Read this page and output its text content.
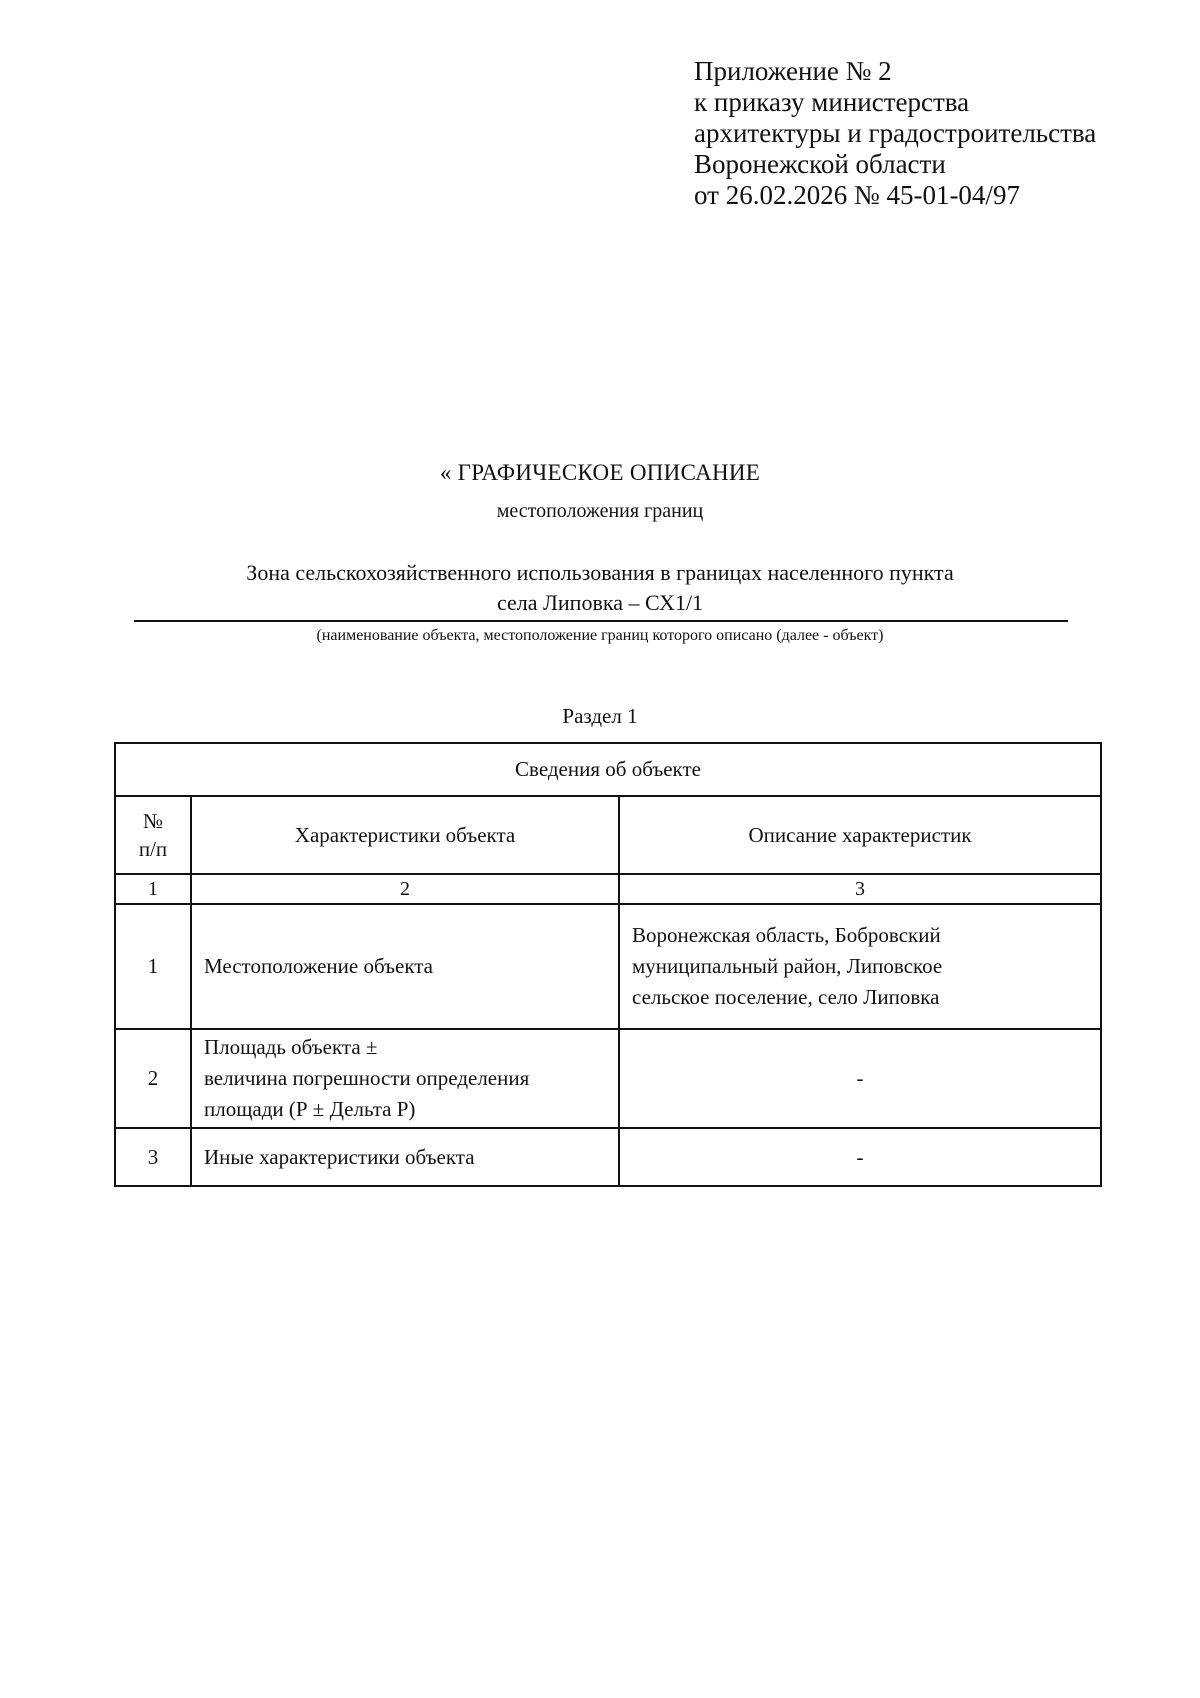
Приложение № 2
к приказу министерства
архитектуры и градостроительства
Воронежской области
от 26.02.2026 № 45-01-04/97
« ГРАФИЧЕСКОЕ ОПИСАНИЕ
местоположения границ
Зона сельскохозяйственного использования в границах населенного пункта
села Липовка – СХ1/1
(наименование объекта, местоположение границ которого описано (далее - объект)
Раздел 1
Сведения об объекте		

№
п/п	Характеристики объекта	Описание характеристик
1	2	3
1	Местоположение объекта	Воронежская область, Бобровский
муниципальный район, Липовское
сельское поселение, село Липовка

2	Площадь объекта ±
величина погрешности определения
площади (Р ± Дельта Р)	-
3	Иные характеристики объекта	-
